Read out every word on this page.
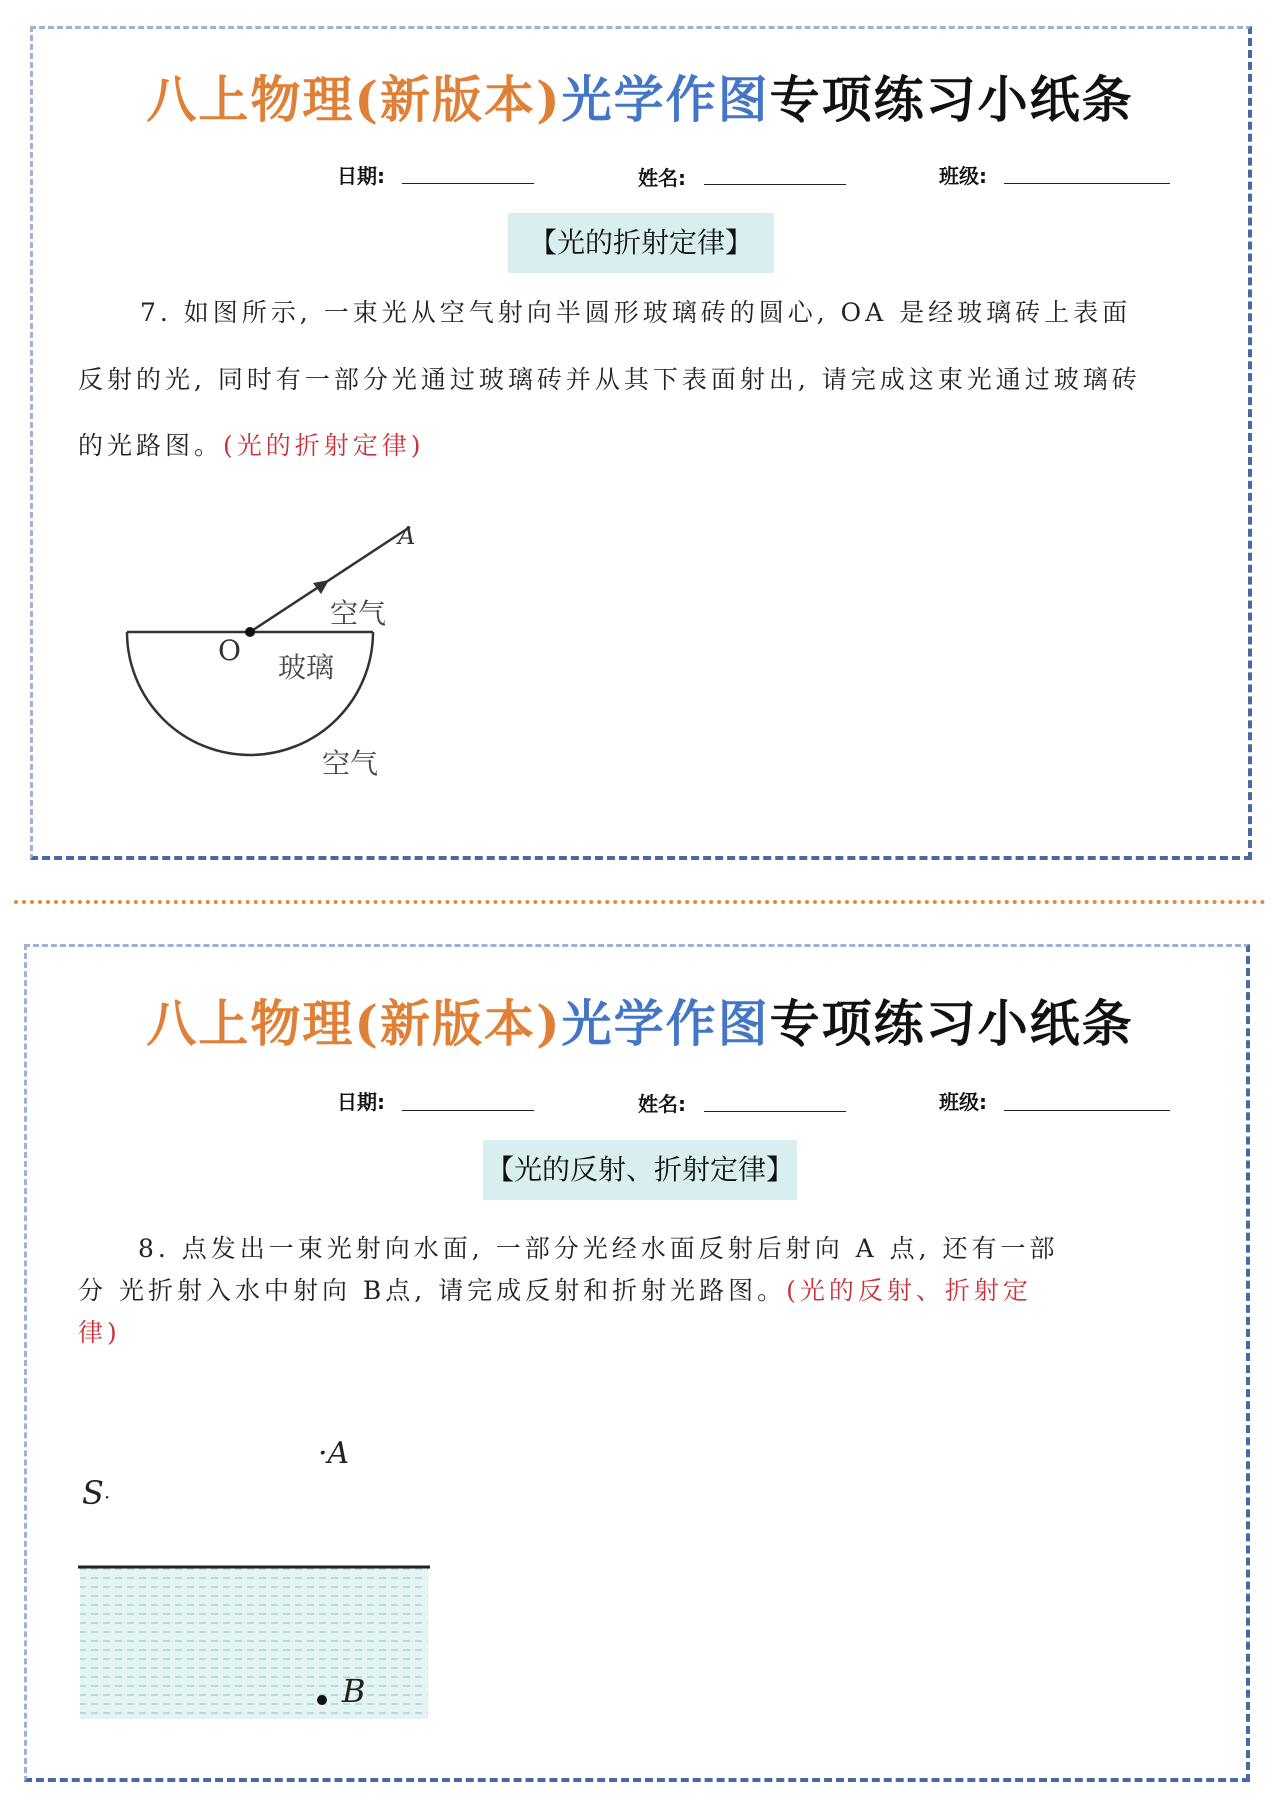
八上物理(新版本)光学作图专项练习小纸条
日期:	姓名:	班级:
【光的折射定律】
7. 如图所示, 一束光从空气射向半圆形玻璃砖的圆心, OA 是经玻璃砖上表面
反射的光, 同时有一部分光通过玻璃砖并从其下表面射出, 请完成这束光通过玻璃砖
的光路图。(光的折射定律)
A
空气
O
玻璃
空气
八上物理(新版本)光学作图专项练习小纸条
日期:	姓名:	班级:
【光的反射、折射定律】
8. 点发出一束光射向水面, 一部分光经水面反射后射向 A 点, 还有一部
分 光折射入水中射向 B点, 请完成反射和折射光路图。(光的反射、折射定
律)
·A
S·
B
